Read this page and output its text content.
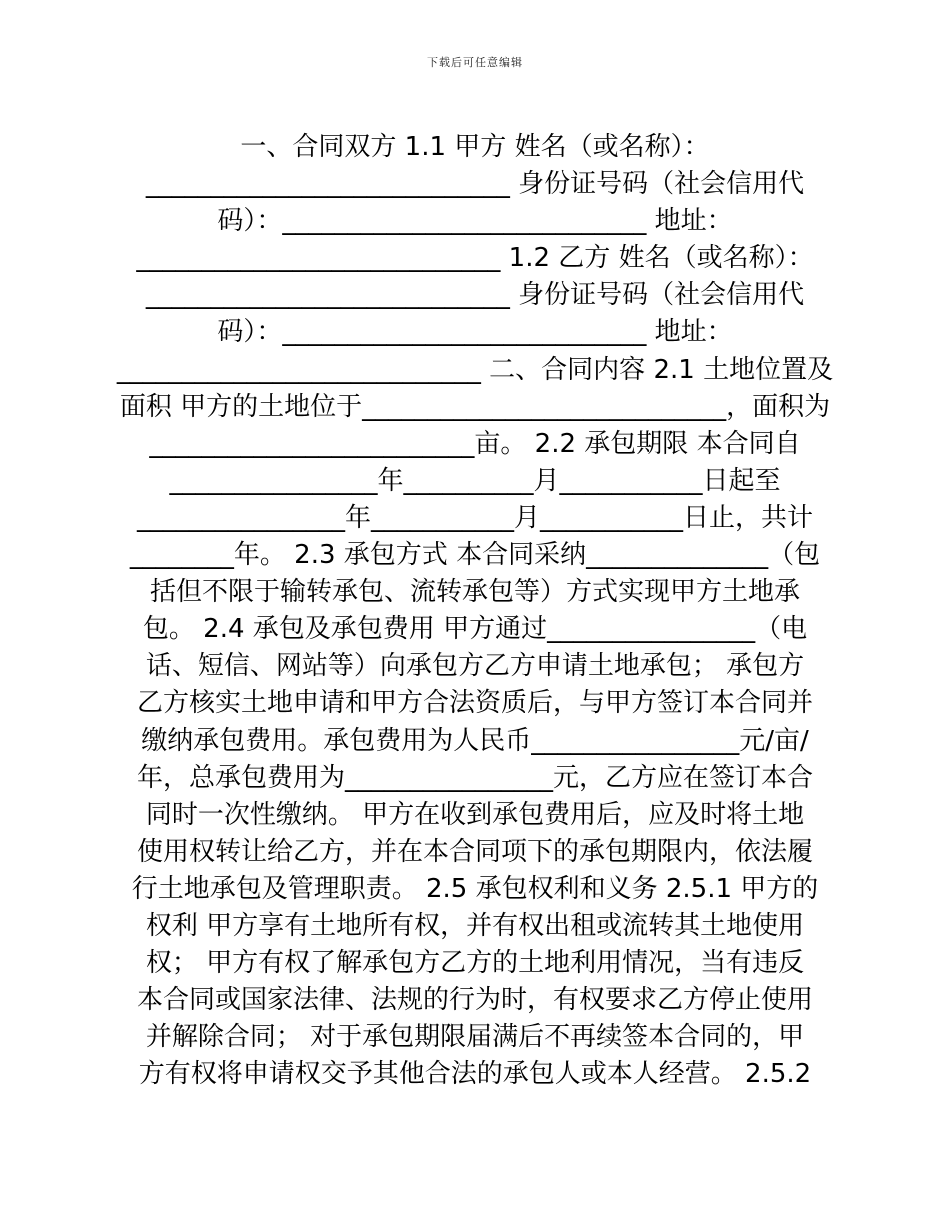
下载后可任意编辑
一、合同双方 1.1 甲方 姓名（或名称）：
____________________________ 身份证号码（社会信用代
码）：____________________________ 地址：
____________________________ 1.2 乙方 姓名（或名称）：
____________________________ 身份证号码（社会信用代
码）：____________________________ 地址：
____________________________ 二、合同内容 2.1 土地位置及
面积 甲方的土地位于____________________________，面积为
_________________________亩。 2.2 承包期限 本合同自
________________年__________月___________日起至
________________年___________月___________日止，共计
________年。 2.3 承包方式 本合同采纳______________（包
括但不限于输转承包、流转承包等）方式实现甲方土地承
包。 2.4 承包及承包费用 甲方通过________________（电
话、短信、网站等）向承包方乙方申请土地承包； 承包方
乙方核实土地申请和甲方合法资质后，与甲方签订本合同并
缴纳承包费用。承包费用为人民币________________元/亩/
年，总承包费用为________________元，乙方应在签订本合
同时一次性缴纳。 甲方在收到承包费用后，应及时将土地
使用权转让给乙方，并在本合同项下的承包期限内，依法履
行土地承包及管理职责。 2.5 承包权利和义务 2.5.1 甲方的
权利 甲方享有土地所有权，并有权出租或流转其土地使用
权； 甲方有权了解承包方乙方的土地利用情况，当有违反
本合同或国家法律、法规的行为时，有权要求乙方停止使用
并解除合同； 对于承包期限届满后不再续签本合同的，甲
方有权将申请权交予其他合法的承包人或本人经营。 2.5.2
